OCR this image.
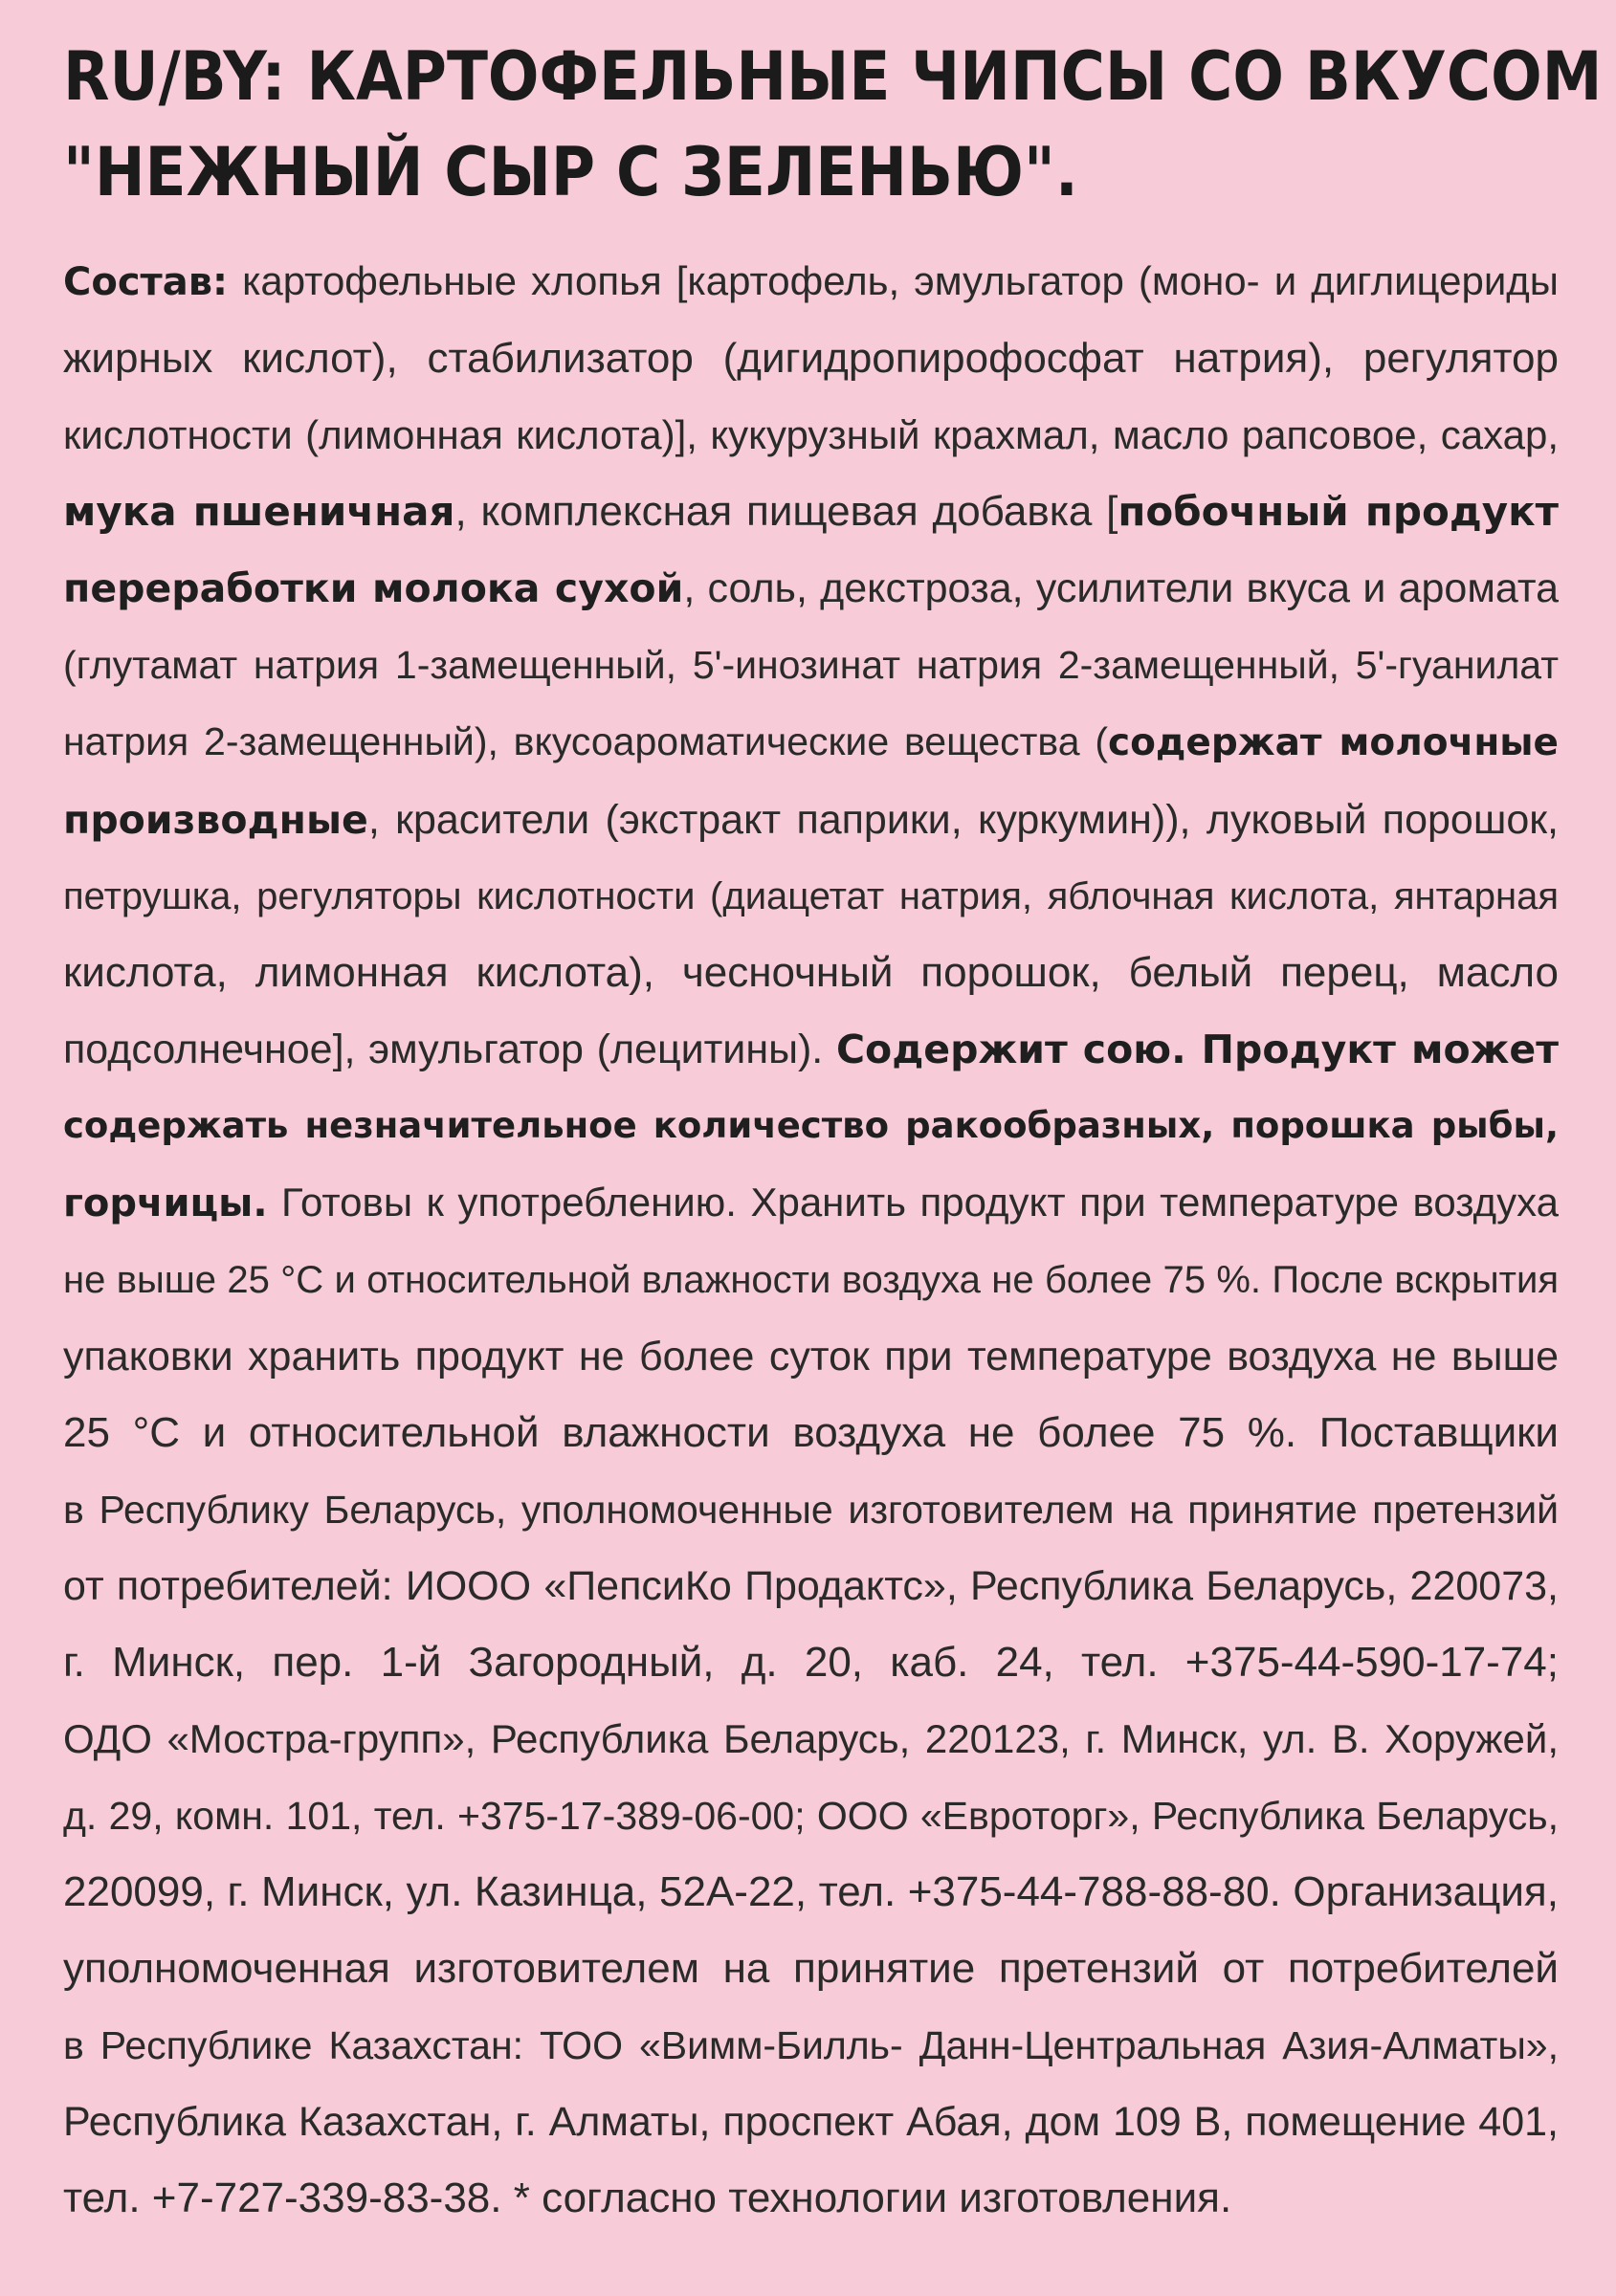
RU/BY: КАРТОФЕЛЬНЫЕ ЧИПСЫ СО ВКУСОМ
"НЕЖНЫЙ СЫР С ЗЕЛЕНЬЮ".
Состав: картофельные хлопья [картофель, эмульгатор (моно- и диглицериды
жирных кислот), стабилизатор (дигидропирофосфат натрия), регулятор
кислотности (лимонная кислота)], кукурузный крахмал, масло рапсовое, сахар,
мука пшеничная, комплексная пищевая добавка [побочный продукт
переработки молока сухой, соль, декстроза, усилители вкуса и аромата
(глутамат натрия 1-замещенный, 5'-инозинат натрия 2-замещенный, 5'-гуанилат
натрия 2-замещенный), вкусоароматические вещества (содержат молочные
производные, красители (экстракт паприки, куркумин)), луковый порошок,
петрушка, регуляторы кислотности (диацетат натрия, яблочная кислота, янтарная
кислота, лимонная кислота), чесночный порошок, белый перец, масло
подсолнечное], эмульгатор (лецитины). Содержит сою. Продукт может
содержать незначительное количество ракообразных, порошка рыбы,
горчицы. Готовы к употреблению. Хранить продукт при температуре воздуха
не выше 25 °С и относительной влажности воздуха не более 75 %. После вскрытия
упаковки хранить продукт не более суток при температуре воздуха не выше
25 °С и относительной влажности воздуха не более 75 %. Поставщики
в Республику Беларусь, уполномоченные изготовителем на принятие претензий
от потребителей: ИООО «ПепсиКо Продактс», Республика Беларусь, 220073,
г. Минск, пер. 1-й Загородный, д. 20, каб. 24, тел. +375-44-590-17-74;
ОДО «Мостра-групп», Республика Беларусь, 220123, г. Минск, ул. В. Хоружей,
д. 29, комн. 101, тел. +375-17-389-06-00; ООО «Евроторг», Республика Беларусь,
220099, г. Минск, ул. Казинца, 52А-22, тел. +375-44-788-88-80. Организация,
уполномоченная изготовителем на принятие претензий от потребителей
в Республике Казахстан: ТОО «Вимм-Билль- Данн-Центральная Азия-Алматы»,
Республика Казахстан, г. Алматы, проспект Абая, дом 109 В, помещение 401,
тел. +7-727-339-83-38. * согласно технологии изготовления.
